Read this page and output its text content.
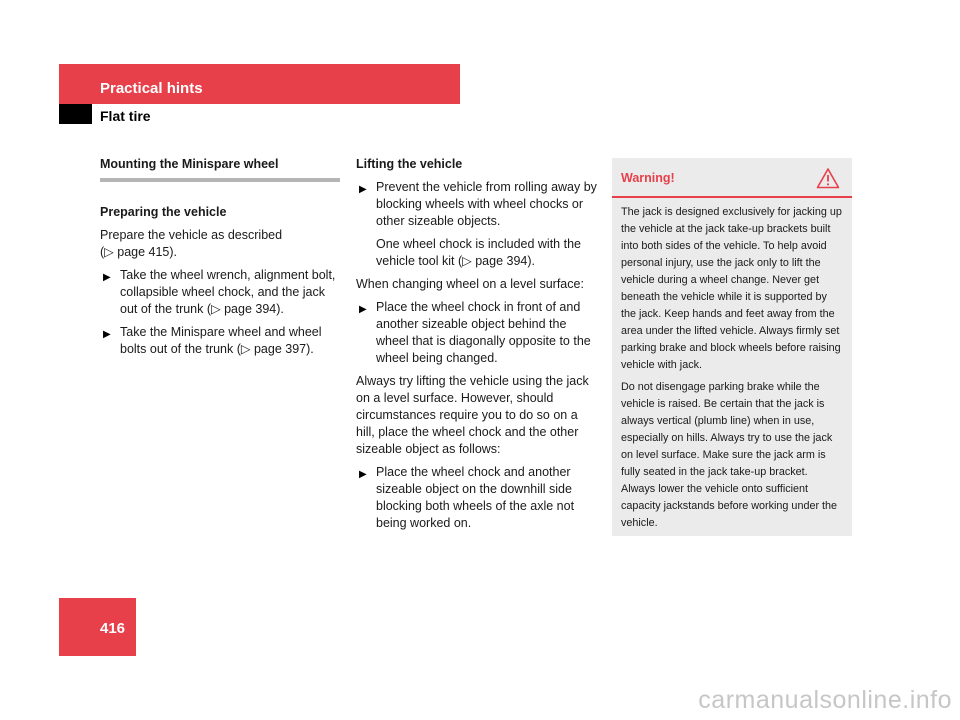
Practical hints
Flat tire
Mounting the Minispare wheel
Preparing the vehicle

Prepare the vehicle as described
(▷ page 415).

▶ Take the wheel wrench, alignment bolt, collapsible wheel chock, and the jack out of the trunk (▷ page 394).
▶ Take the Minispare wheel and wheel bolts out of the trunk (▷ page 397).
Lifting the vehicle
▶ Prevent the vehicle from rolling away by blocking wheels with wheel chocks or other sizeable objects.

One wheel chock is included with the vehicle tool kit (▷ page 394).

When changing wheel on a level surface:

▶ Place the wheel chock in front of and another sizeable object behind the wheel that is diagonally opposite to the wheel being changed.

Always try lifting the vehicle using the jack on a level surface. However, should circumstances require you to do so on a hill, place the wheel chock and the other sizeable object as follows:

▶ Place the wheel chock and another sizeable object on the downhill side blocking both wheels of the axle not being worked on.
Warning!

The jack is designed exclusively for jacking up the vehicle at the jack take-up brackets built into both sides of the vehicle. To help avoid personal injury, use the jack only to lift the vehicle during a wheel change. Never get beneath the vehicle while it is supported by the jack. Keep hands and feet away from the area under the lifted vehicle. Always firmly set parking brake and block wheels before raising vehicle with jack.

Do not disengage parking brake while the vehicle is raised. Be certain that the jack is always vertical (plumb line) when in use, especially on hills. Always try to use the jack on level surface. Make sure the jack arm is fully seated in the jack take-up bracket. Always lower the vehicle onto sufficient capacity jackstands before working under the vehicle.

416
carmanualsonline.info
